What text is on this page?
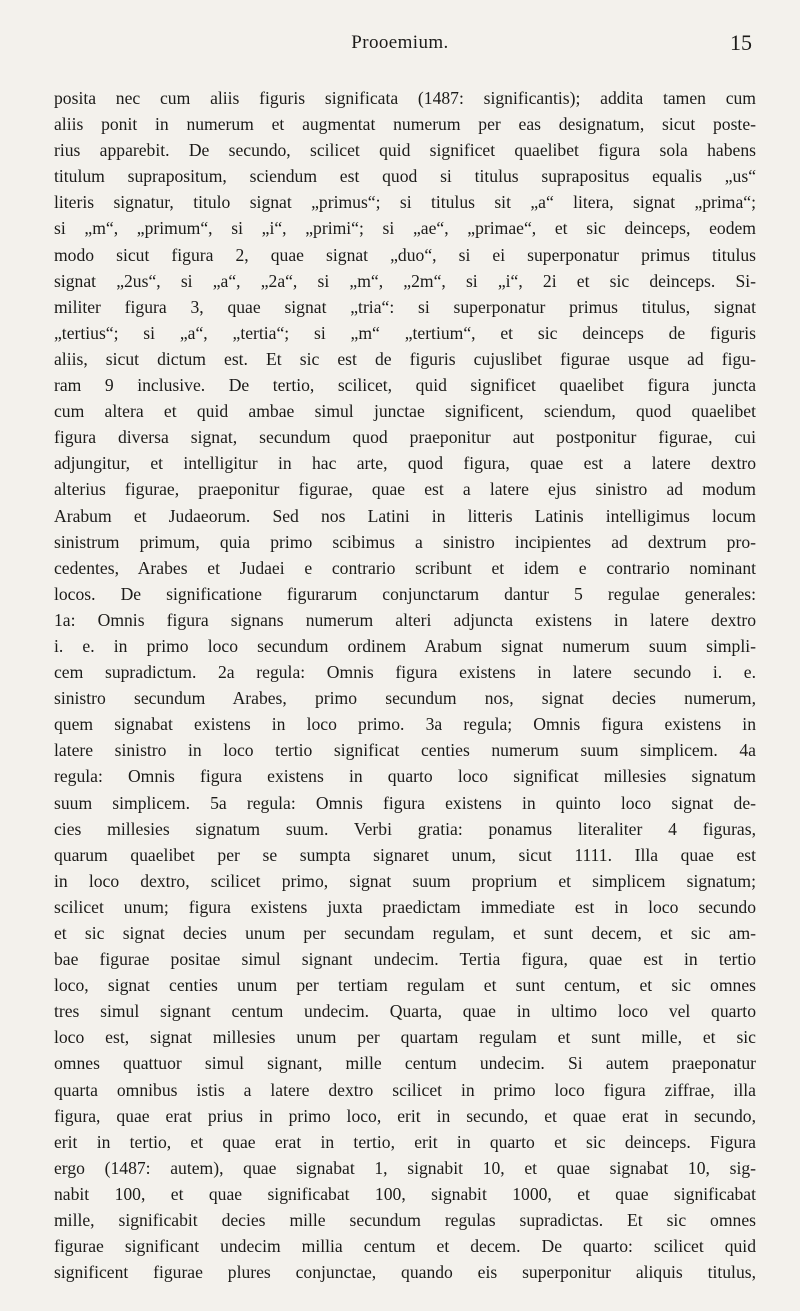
Prooemium.	15
posita nec cum aliis figuris significata (1487: significantis); addita tamen cum
aliis ponit in numerum et augmentat numerum per eas designatum, sicut poste-
rius apparebit. De secundo, scilicet quid significet quaelibet figura sola habens
titulum suprapositum, sciendum est quod si titulus suprapositus equalis „us“
literis signatur, titulo signat „primus“; si titulus sit „a“ litera, signat „prima“;
si „m“, „primum“, si „i“, „primi“; si „ae“, „primae“, et sic deinceps, eodem
modo sicut figura 2, quae signat „duo“, si ei superponatur primus titulus
signat „2us“, si „a“, „2a“, si „m“, „2m“, si „i“, 2i et sic deinceps. Si-
militer figura 3, quae signat „tria“: si superponatur primus titulus, signat
„tertius“; si „a“, „tertia“; si „m“ „tertium“, et sic deinceps de figuris
aliis, sicut dictum est. Et sic est de figuris cujuslibet figurae usque ad figu-
ram 9 inclusive. De tertio, scilicet, quid significet quaelibet figura juncta
cum altera et quid ambae simul junctae significent, sciendum, quod quaelibet
figura diversa signat, secundum quod praeponitur aut postponitur figurae, cui
adjungitur, et intelligitur in hac arte, quod figura, quae est a latere dextro
alterius figurae, praeponitur figurae, quae est a latere ejus sinistro ad modum
Arabum et Judaeorum. Sed nos Latini in litteris Latinis intelligimus locum
sinistrum primum, quia primo scibimus a sinistro incipientes ad dextrum pro-
cedentes, Arabes et Judaei e contrario scribunt et idem e contrario nominant
locos. De significatione figurarum conjunctarum dantur 5 regulae generales:
1a: Omnis figura signans numerum alteri adjuncta existens in latere dextro
i. e. in primo loco secundum ordinem Arabum signat numerum suum simpli-
cem supradictum. 2a regula: Omnis figura existens in latere secundo i. e.
sinistro secundum Arabes, primo secundum nos, signat decies numerum,
quem signabat existens in loco primo. 3a regula; Omnis figura existens in
latere sinistro in loco tertio significat centies numerum suum simplicem. 4a
regula: Omnis figura existens in quarto loco significat millesies signatum
suum simplicem. 5a regula: Omnis figura existens in quinto loco signat de-
cies millesies signatum suum. Verbi gratia: ponamus literaliter 4 figuras,
quarum quaelibet per se sumpta signaret unum, sicut 1111. Illa quae est
in loco dextro, scilicet primo, signat suum proprium et simplicem signatum;
scilicet unum; figura existens juxta praedictam immediate est in loco secundo
et sic signat decies unum per secundam regulam, et sunt decem, et sic am-
bae figurae positae simul signant undecim. Tertia figura, quae est in tertio
loco, signat centies unum per tertiam regulam et sunt centum, et sic omnes
tres simul signant centum undecim. Quarta, quae in ultimo loco vel quarto
loco est, signat millesies unum per quartam regulam et sunt mille, et sic
omnes quattuor simul signant, mille centum undecim. Si autem praeponatur
quarta omnibus istis a latere dextro scilicet in primo loco figura ziffrae, illa
figura, quae erat prius in primo loco, erit in secundo, et quae erat in secundo,
erit in tertio, et quae erat in tertio, erit in quarto et sic deinceps. Figura
ergo (1487: autem), quae signabat 1, signabit 10, et quae signabat 10, sig-
nabit 100, et quae significabat 100, signabit 1000, et quae significabat
mille, significabit decies mille secundum regulas supradictas. Et sic omnes
figurae significant undecim millia centum et decem. De quarto: scilicet quid
significent figurae plures conjunctae, quando eis superponitur aliquis titulus,
